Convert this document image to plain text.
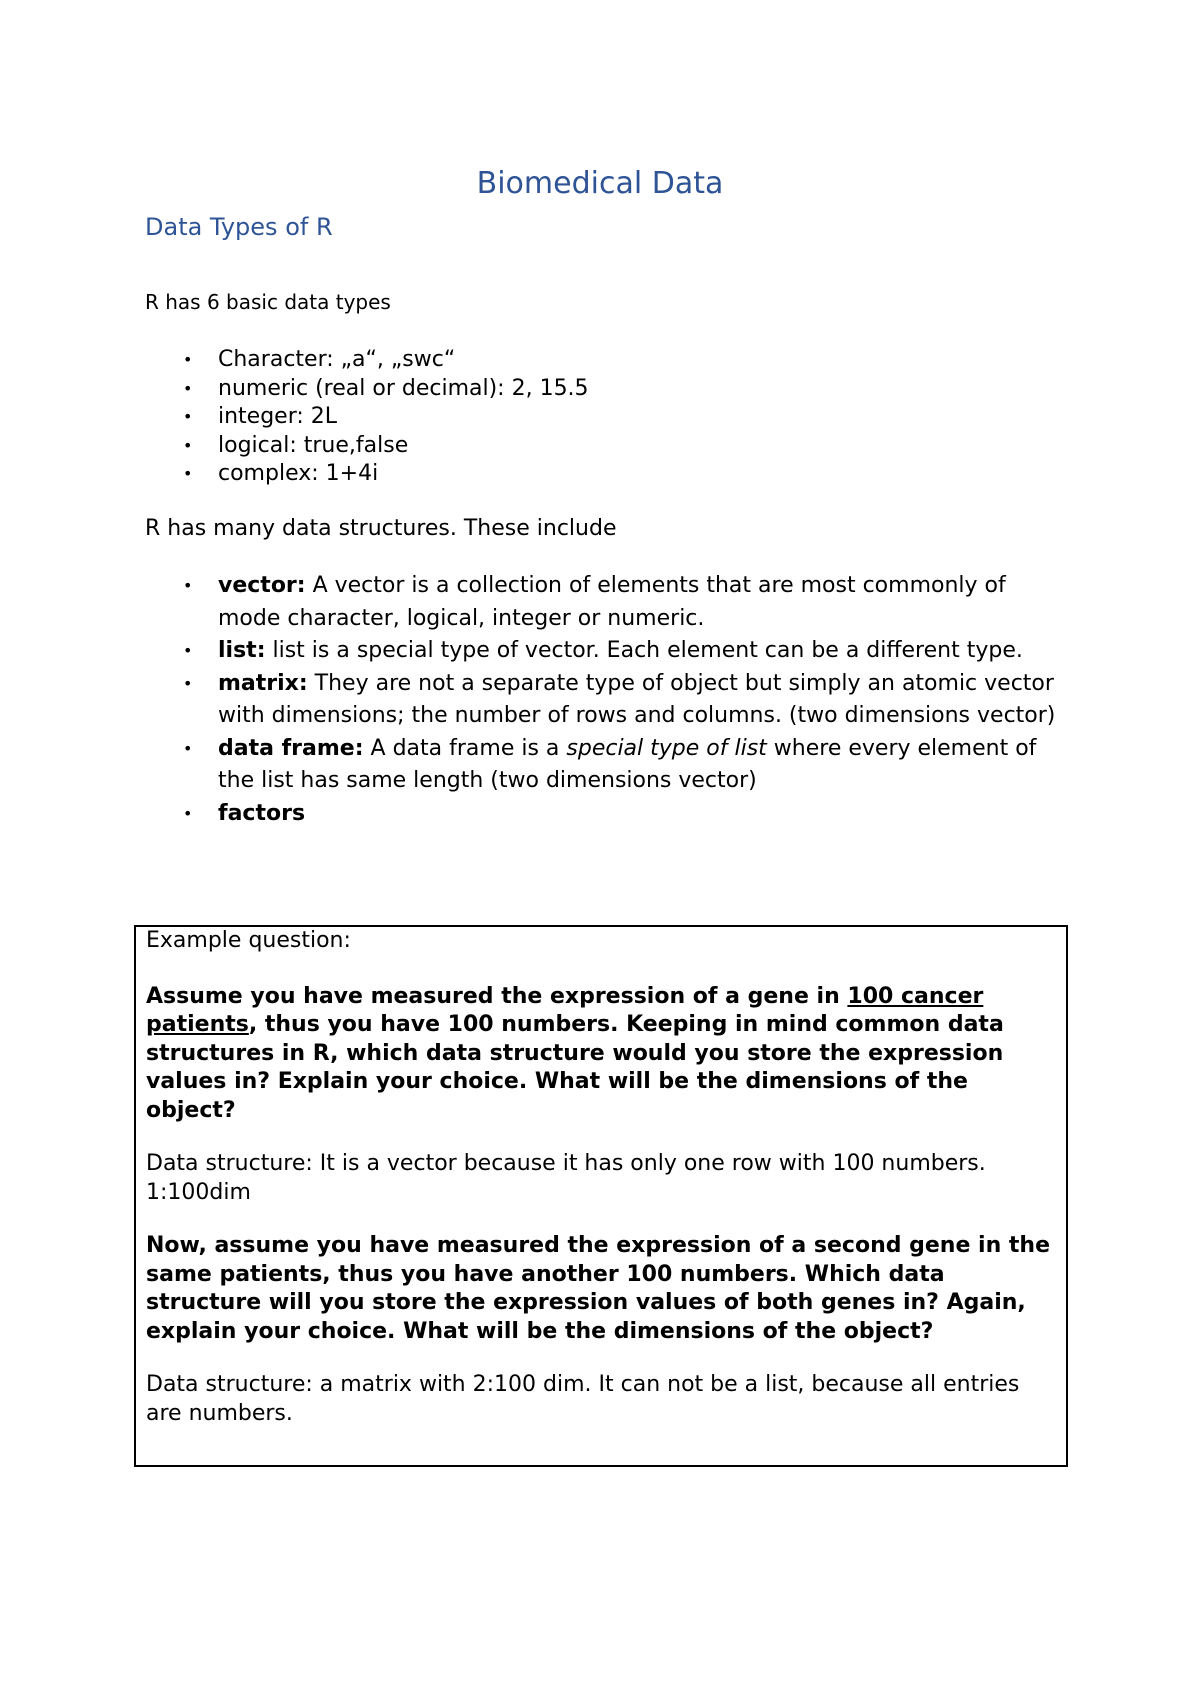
Biomedical Data
Data Types of R
R has 6 basic data types
• Character: „a“, „swc“
• numeric (real or decimal): 2, 15.5
• integer: 2L
• logical: true,false
• complex: 1+4i
R has many data structures. These include
• vector: A vector is a collection of elements that are most commonly of mode character, logical, integer or numeric.
• list: list is a special type of vector. Each element can be a different type.
• matrix: They are not a separate type of object but simply an atomic vector with dimensions; the number of rows and columns. (two dimensions vector)
• data frame: A data frame is a special type of list where every element of the list has same length (two dimensions vector)
• factors

Example question:

Assume you have measured the expression of a gene in 100 cancer patients, thus you have 100 numbers. Keeping in mind common data structures in R, which data structure would you store the expression values in? Explain your choice. What will be the dimensions of the object?

Data structure: It is a vector because it has only one row with 100 numbers. 1:100dim

Now, assume you have measured the expression of a second gene in the same patients, thus you have another 100 numbers. Which data structure will you store the expression values of both genes in? Again, explain your choice. What will be the dimensions of the object?

Data structure: a matrix with 2:100 dim. It can not be a list, because all entries are numbers.
